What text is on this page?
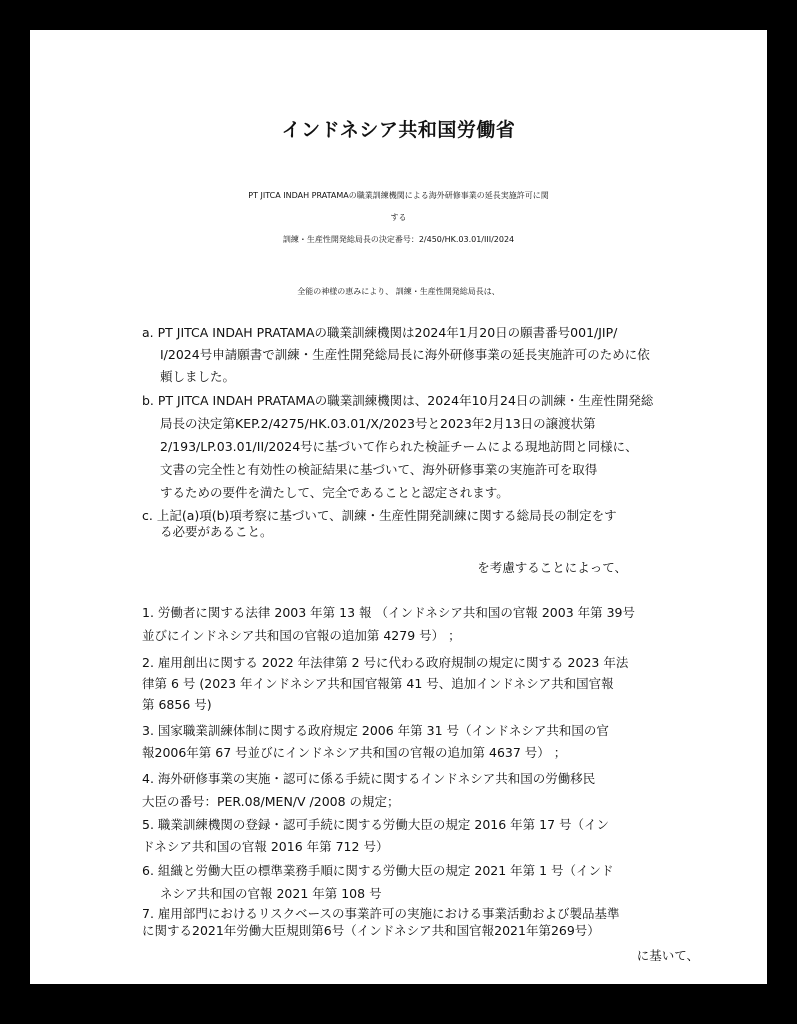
インドネシア共和国労働省
PT JITCA INDAH PRATAMAの職業訓練機関による海外研修事業の延長実施許可に関
する
訓練・生産性開発総局長の決定番号：2/450/HK.03.01/III/2024
全能の神様の恵みにより、 訓練・生産性開発総局長は、
a. PT JITCA INDAH PRATAMAの職業訓練機関は2024年1月20日の願書番号001/JIP/
I/2024号申請願書で訓練・生産性開発総局長に海外研修事業の延長実施許可のために依
頼しました。
b. PT JITCA INDAH PRATAMAの職業訓練機関は、2024年10月24日の訓練・生産性開発総
局長の決定第KEP.2/4275/HK.03.01/X/2023号と2023年2月13日の譲渡状第
2/193/LP.03.01/II/2024号に基づいて作られた検証チームによる現地訪問と同様に、
文書の完全性と有効性の検証結果に基づいて、海外研修事業の実施許可を取得
するための要件を満たして、完全であることと認定されます。
c. 上記(a)項(b)項考察に基づいて、訓練・生産性開発訓練に関する総局長の制定をす
る必要があること。
を考慮することによって、
1. 労働者に関する法律 2003 年第 13 報 （インドネシア共和国の官報 2003 年第 39号
並びにインドネシア共和国の官報の追加第 4279 号） ；
2. 雇用創出に関する 2022 年法律第 2 号に代わる政府規制の規定に関する 2023 年法
律第 6 号 (2023 年インドネシア共和国官報第 41 号、追加インドネシア共和国官報
第 6856 号)
3. 国家職業訓練体制に関する政府規定 2006 年第 31 号（インドネシア共和国の官
報2006年第 67 号並びにインドネシア共和国の官報の追加第 4637 号） ；
4. 海外研修事業の実施・認可に係る手続に関するインドネシア共和国の労働移民
大臣の番号：PER.08/MEN/V /2008 の規定；
5. 職業訓練機関の登録・認可手続に関する労働大臣の規定 2016 年第 17 号（イン
ドネシア共和国の官報 2016 年第 712 号）
6. 組織と労働大臣の標準業務手順に関する労働大臣の規定 2021 年第 1 号（インド
ネシア共和国の官報 2021 年第 108 号
7. 雇用部門におけるリスクベースの事業許可の実施における事業活動および製品基準
に関する2021年労働大臣規則第6号（インドネシア共和国官報2021年第269号）
に基いて、
